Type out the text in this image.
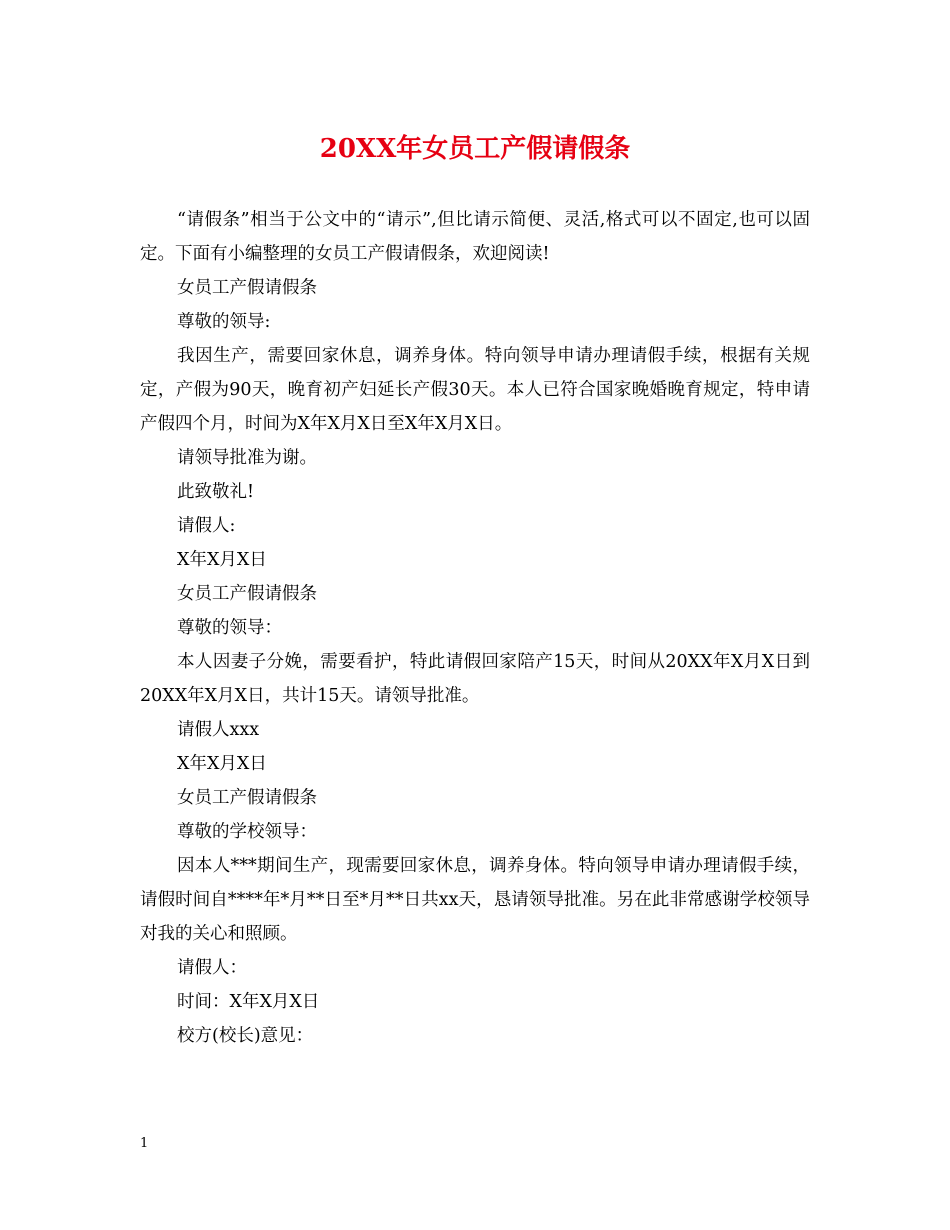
20XX年女员工产假请假条

“请假条”相当于公文中的“请示”,但比请示简便、灵活,格式可以不固定,也可以固定。下面有小编整理的女员工产假请假条，欢迎阅读!

女员工产假请假条

尊敬的领导:

我因生产，需要回家休息，调养身体。特向领导申请办理请假手续，根据有关规定，产假为90天，晚育初产妇延长产假30天。本人已符合国家晚婚晚育规定，特申请产假四个月，时间为X年X月X日至X年X月X日。

请领导批准为谢。

此致敬礼!

请假人:

X年X月X日

女员工产假请假条

尊敬的领导：

本人因妻子分娩，需要看护，特此请假回家陪产15天，时间从20XX年X月X日到20XX年X月X日，共计15天。请领导批准。

请假人xxx

X年X月X日

女员工产假请假条

尊敬的学校领导：

因本人***期间生产，现需要回家休息，调养身体。特向领导申请办理请假手续，请假时间自****年*月**日至*月**日共xx天，恳请领导批准。另在此非常感谢学校领导对我的关心和照顾。

请假人：

时间：X年X月X日

校方(校长)意见：

1
